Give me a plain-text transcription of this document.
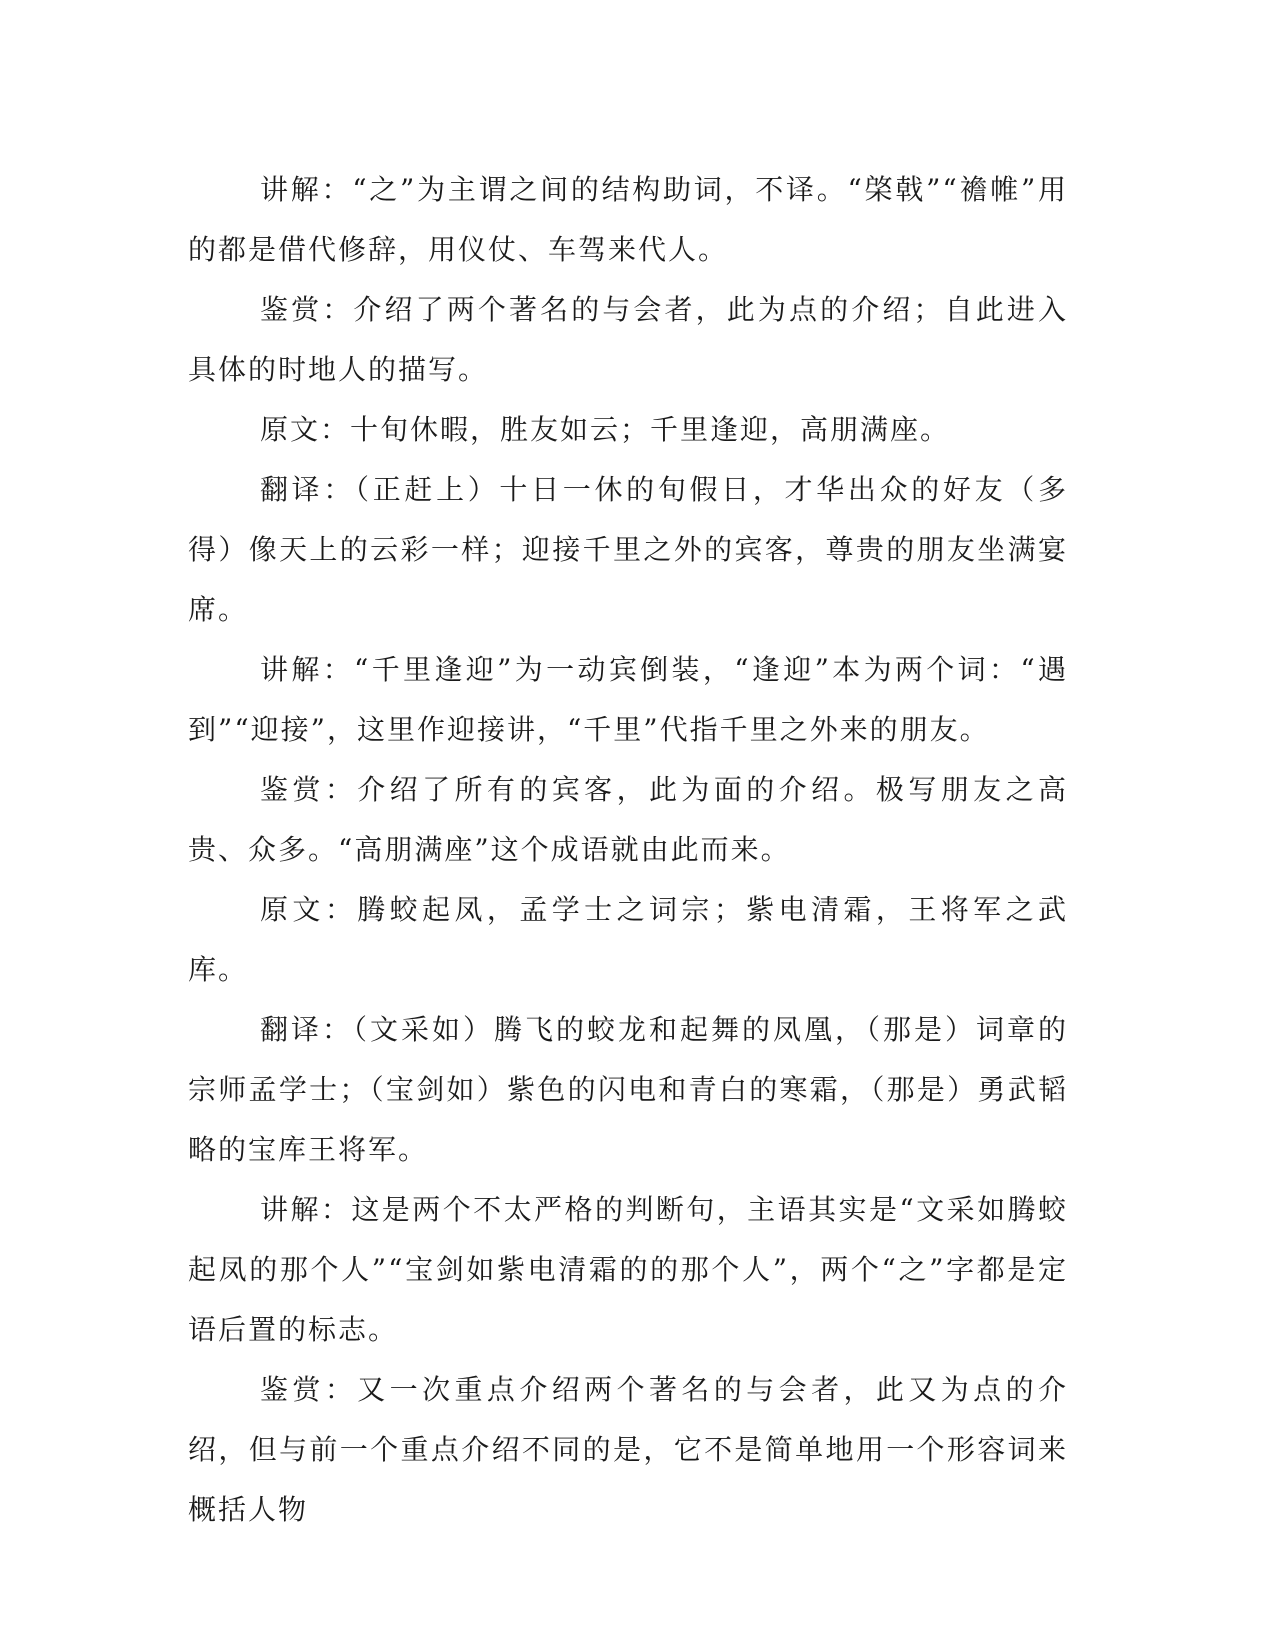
讲解：“之”为主谓之间的结构助词，不译。“棨戟”“襜帷”用的都是借代修辞，用仪仗、车驾来代人。

鉴赏：介绍了两个著名的与会者，此为点的介绍；自此进入具体的时地人的描写。

原文：十旬休暇，胜友如云；千里逢迎，高朋满座。

翻译：（正赶上）十日一休的旬假日，才华出众的好友（多得）像天上的云彩一样；迎接千里之外的宾客，尊贵的朋友坐满宴席。

讲解：“千里逢迎”为一动宾倒装，“逢迎”本为两个词：“遇到”“迎接”，这里作迎接讲，“千里”代指千里之外来的朋友。

鉴赏：介绍了所有的宾客，此为面的介绍。极写朋友之高贵、众多。“高朋满座”这个成语就由此而来。

原文：腾蛟起凤，孟学士之词宗；紫电清霜，王将军之武库。

翻译：（文采如）腾飞的蛟龙和起舞的凤凰，（那是）词章的宗师孟学士；（宝剑如）紫色的闪电和青白的寒霜，（那是）勇武韬略的宝库王将军。

讲解：这是两个不太严格的判断句，主语其实是“文采如腾蛟起凤的那个人”“宝剑如紫电清霜的的那个人”，两个“之”字都是定语后置的标志。

鉴赏：又一次重点介绍两个著名的与会者，此又为点的介绍，但与前一个重点介绍不同的是，它不是简单地用一个形容词来概括人物
